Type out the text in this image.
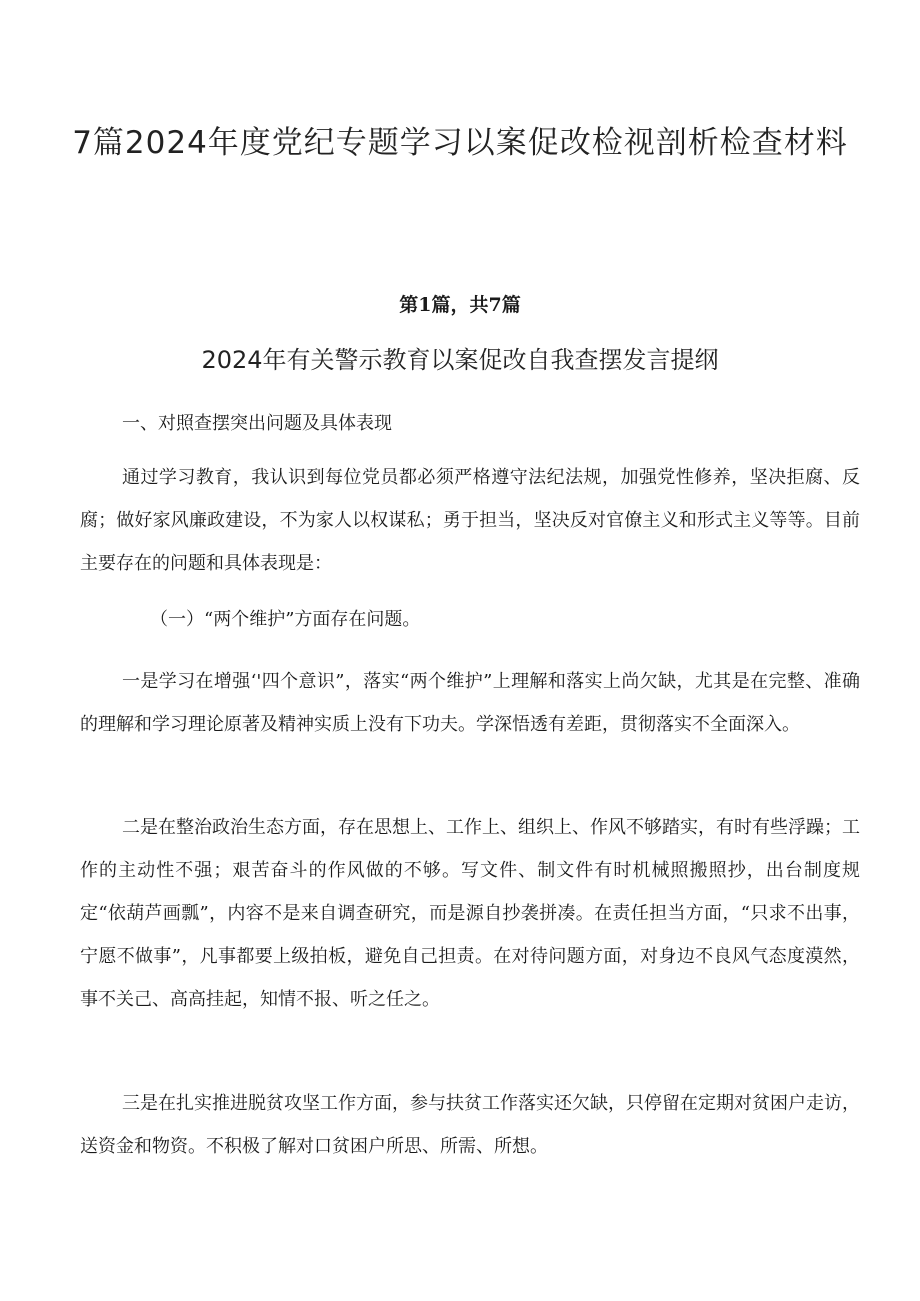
7篇2024年度党纪专题学习以案促改检视剖析检查材料

第1篇，共7篇

2024年有关警示教育以案促改自我查摆发言提纲

一、对照查摆突出问题及具体表现

通过学习教育，我认识到每位党员都必须严格遵守法纪法规，加强党性修养，坚决拒腐、反腐；做好家风廉政建设，不为家人以权谋私；勇于担当，坚决反对官僚主义和形式主义等等。目前主要存在的问题和具体表现是：

（一）“两个维护”方面存在问题。

一是学习在增强‘'四个意识”，落实“两个维护”上理解和落实上尚欠缺，尤其是在完整、准确的理解和学习理论原著及精神实质上没有下功夫。学深悟透有差距，贯彻落实不全面深入。

二是在整治政治生态方面，存在思想上、工作上、组织上、作风不够踏实，有时有些浮躁；工作的主动性不强；艰苦奋斗的作风做的不够。写文件、制文件有时机械照搬照抄，出台制度规定“依葫芦画瓢”，内容不是来自调查研究，而是源自抄袭拼凑。在责任担当方面，“只求不出事，宁愿不做事”，凡事都要上级拍板，避免自己担责。在对待问题方面，对身边不良风气态度漠然，事不关己、高高挂起，知情不报、听之任之。

三是在扎实推进脱贫攻坚工作方面，参与扶贫工作落实还欠缺，只停留在定期对贫困户走访，送资金和物资。不积极了解对口贫困户所思、所需、所想。
